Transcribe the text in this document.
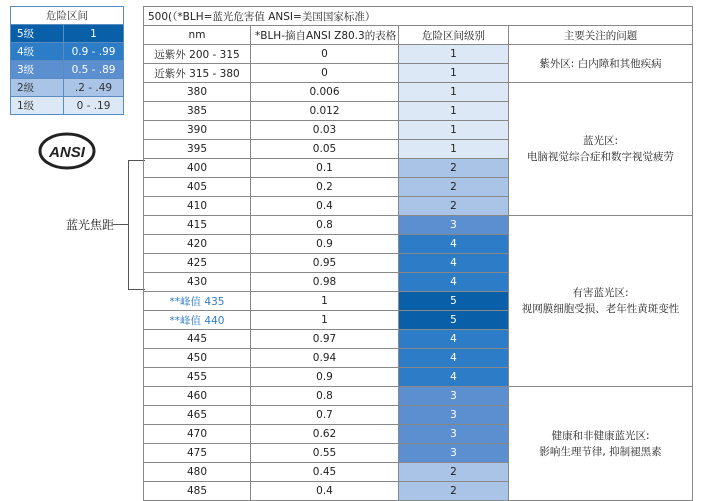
危险区间	
5级	1
4级	0.9 - .99
3级	0.5 - .89
2级	.2 - .49
1级	0 - .19
ANSI
蓝光焦距
500(（*BLH=蓝光危害值 ANSI=美国国家标准）			
nm	*BLH-摘自ANSI Z80.3的表格	危险区间级别	主要关注的问题
远紫外 200 - 315	0	1	紫外区: 白内障和其他疾病
近紫外 315 - 380	0	1	
380	0.006	1	蓝光区:
电脑视觉综合症和数字视觉疲劳
385	0.012	1	
390	0.03	1	
395	0.05	1	
400	0.1	2	
405	0.2	2	
410	0.4	2	
415	0.8	3	有害蓝光区:
视网膜细胞受损、老年性黄斑变性
420	0.9	4	
425	0.95	4	
430	0.98	4	
**峰值 435	1	5	
**峰值 440	1	5	
445	0.97	4	
450	0.94	4	
455	0.9	4	
460	0.8	3	健康和非健康蓝光区:
影响生理节律, 抑制褪黑素
465	0.7	3	
470	0.62	3	
475	0.55	3	
480	0.45	2	
485	0.4	2	
